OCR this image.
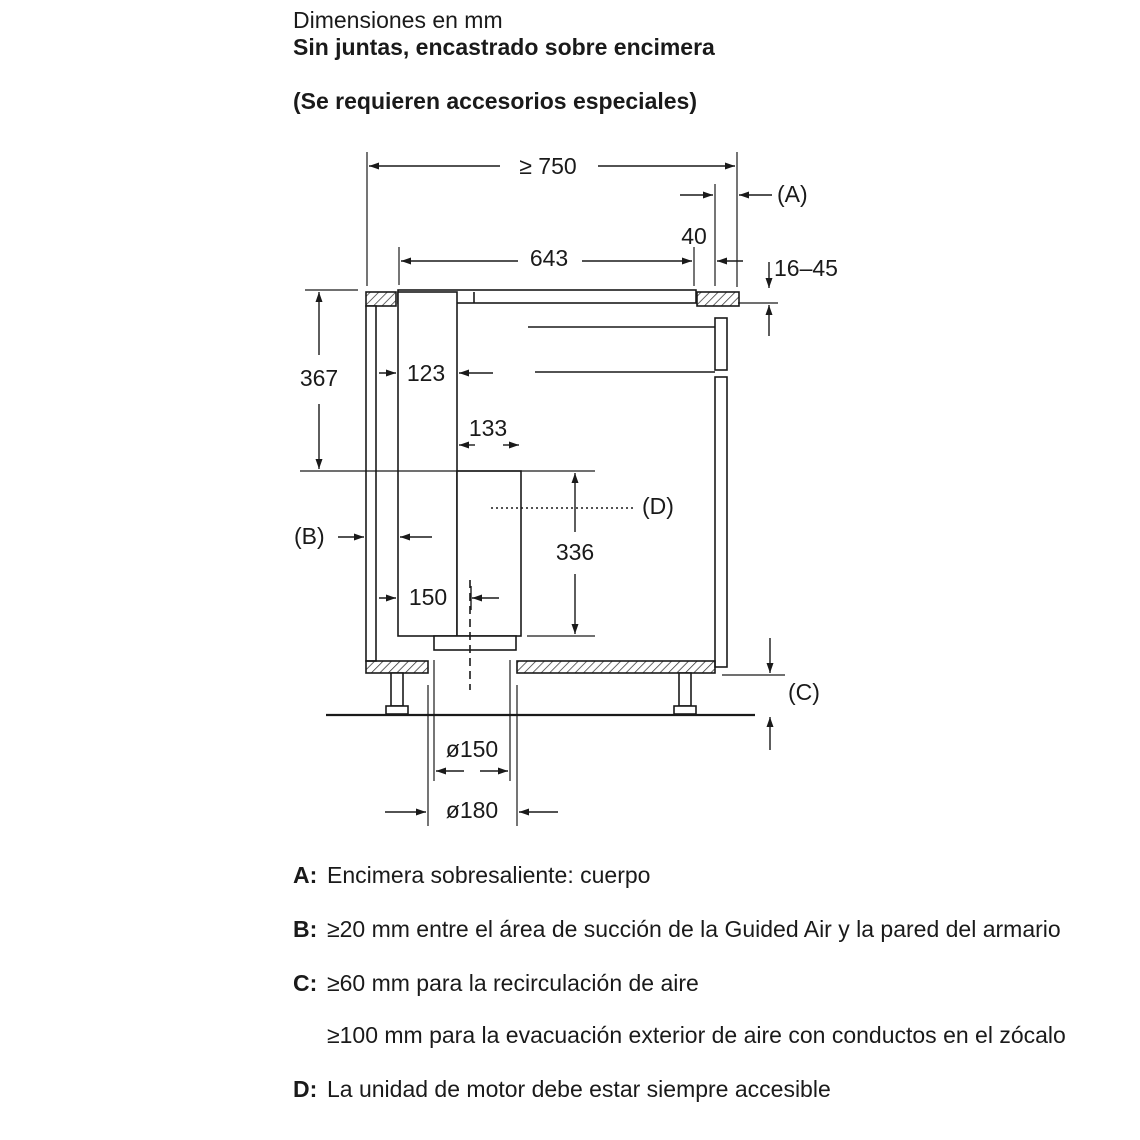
Dimensiones en mm
Sin juntas, encastrado sobre encimera
(Se requieren accesorios especiales)
≥ 750
(A)
40
643	16–45
367	123
133
(D)
(B)
336
150
(C)
ø150
ø180
A: Encimera sobresaliente: cuerpo
B: ≥20 mm entre el área de succión de la Guided Air y la pared del armario
C: ≥60 mm para la recirculación de aire
≥100 mm para la evacuación exterior de aire con conductos en el zócalo
D: La unidad de motor debe estar siempre accesible
